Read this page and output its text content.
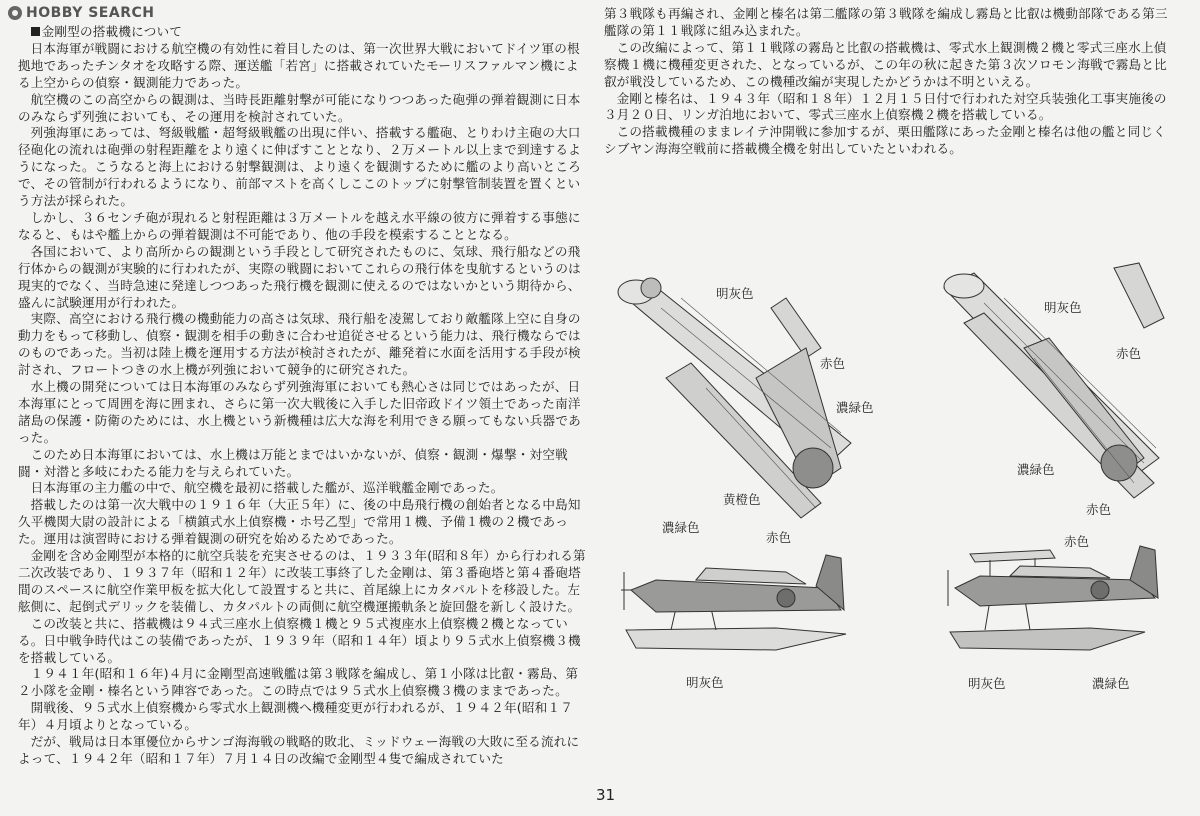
HOBBY SEARCH

金剛型の搭載機について

日本海軍が戦闘における航空機の有効性に着目したのは、第一次世界大戦においてドイツ軍の根拠地であったチンタオを攻略する際、運送艦「若宮」に搭載されていたモーリスファルマン機による上空からの偵察・観測能力であった。

航空機のこの高空からの観測は、当時長距離射撃が可能になりつつあった砲弾の弾着観測に日本のみならず列強においても、その運用を検討されていた。

列強海軍にあっては、弩級戦艦・超弩級戦艦の出現に伴い、搭載する艦砲、とりわけ主砲の大口径砲化の流れは砲弾の射程距離をより遠くに伸ばすこととなり、２万メートル以上まで到達するようになった。こうなると海上における射撃観測は、より遠くを観測するために艦のより高いところで、その管制が行われるようになり、前部マストを高くしここのトップに射撃管制装置を置くという方法が採られた。

しかし、３６センチ砲が現れると射程距離は３万メートルを越え水平線の彼方に弾着する事態になると、もはや艦上からの弾着観測は不可能であり、他の手段を模索することとなる。

各国において、より高所からの観測という手段として研究されたものに、気球、飛行船などの飛行体からの観測が実験的に行われたが、実際の戦闘においてこれらの飛行体を曳航するというのは現実的でなく、当時急速に発達しつつあった飛行機を観測に使えるのではないかという期待から、盛んに試験運用が行われた。

実際、高空における飛行機の機動能力の高さは気球、飛行船を凌駕しており敵艦隊上空に自身の動力をもって移動し、偵察・観測を相手の動きに合わせ追従させるという能力は、飛行機ならではのものであった。当初は陸上機を運用する方法が検討されたが、離発着に水面を活用する手段が検討され、フロートつきの水上機が列強において競争的に研究された。

水上機の開発については日本海軍のみならず列強海軍においても熱心さは同じではあったが、日本海軍にとって周囲を海に囲まれ、さらに第一次大戦後に入手した旧帝政ドイツ領土であった南洋諸島の保護・防衛のためには、水上機という新機種は広大な海を利用できる願ってもない兵器であった。

このため日本海軍においては、水上機は万能とまではいかないが、偵察・観測・爆撃・対空戦闘・対潜と多岐にわたる能力を与えられていた。

日本海軍の主力艦の中で、航空機を最初に搭載した艦が、巡洋戦艦金剛であった。

搭載したのは第一次大戦中の１９１６年（大正５年）に、後の中島飛行機の創始者となる中島知久平機関大尉の設計による「横鎮式水上偵察機・ホ号乙型」で常用１機、予備１機の２機であった。運用は演習時における弾着観測の研究を始めるためであった。

金剛を含め金剛型が本格的に航空兵装を充実させるのは、１９３３年(昭和８年）から行われる第二次改装であり、１９３７年（昭和１２年）に改装工事終了した金剛は、第３番砲塔と第４番砲塔間のスペースに航空作業甲板を拡大化して設置すると共に、首尾線上にカタパルトを移設した。左舷側に、起倒式デリックを装備し、カタパルトの両側に航空機運搬軌条と旋回盤を新しく設けた。

この改装と共に、搭載機は９４式三座水上偵察機１機と９５式複座水上偵察機２機となっている。日中戦争時代はこの装備であったが、１９３９年（昭和１４年）頃より９５式水上偵察機３機を搭載している。

１９４１年(昭和１６年)４月に金剛型高速戦艦は第３戦隊を編成し、第１小隊は比叡・霧島、第２小隊を金剛・榛名という陣容であった。この時点では９５式水上偵察機３機のままであった。

開戦後、９５式水上偵察機から零式水上観測機へ機種変更が行われるが、１９４２年(昭和１７年）４月頃よりとなっている。

だが、戦局は日本軍優位からサンゴ海海戦の戦略的敗北、ミッドウェー海戦の大敗に至る流れによって、１９４２年（昭和１７年）７月１４日の改編で金剛型４隻で編成されていた

第３戦隊も再編され、金剛と榛名は第二艦隊の第３戦隊を編成し霧島と比叡は機動部隊である第三艦隊の第１１戦隊に組み込まれた。

この改編によって、第１１戦隊の霧島と比叡の搭載機は、零式水上観測機２機と零式三座水上偵察機１機に機種変更された、となっているが、この年の秋に起きた第３次ソロモン海戦で霧島と比叡が戦没しているため、この機種改編が実現したかどうかは不明といえる。

金剛と榛名は、１９４３年（昭和１８年）１２月１５日付で行われた対空兵装強化工事実施後の３月２０日、リンガ泊地において、零式三座水上偵察機２機を搭載している。

この搭載機種のままレイテ沖開戦に参加するが、栗田艦隊にあった金剛と榛名は他の艦と同じくシブヤン海海空戦前に搭載機全機を射出していたといわれる。

明灰色
赤色
濃緑色
黄橙色
濃緑色
赤色
明灰色
明灰色
赤色
濃緑色
赤色
赤色
明灰色	濃緑色
31
